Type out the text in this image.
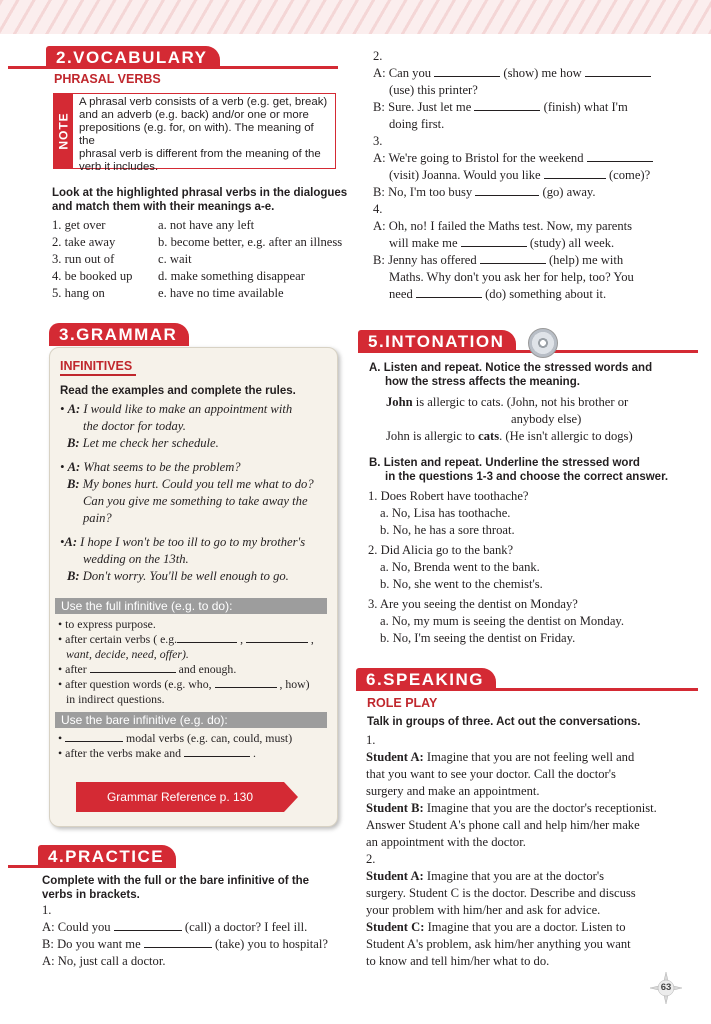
2.VOCABULARY
PHRASAL VERBS
NOTE
A phrasal verb consists of a verb (e.g. get, break)
and an adverb (e.g. back) and/or one or more
prepositions (e.g. for, on with). The meaning of the
phrasal verb is different from the meaning of the
verb it includes.
Look at the highlighted phrasal verbs in the dialogues
and match them with their meanings a-e.
1. get over
2. take away
3. run out of
4. be booked up
5. hang on
a. not have any left
b. become better, e.g. after an illness
c. wait
d. make something disappear
e. have no time available
3.GRAMMAR
INFINITIVES
Read the examples and complete the rules.
• A: I would like to make an appointment with
the doctor for today.
B: Let me check her schedule.
• A: What seems to be the problem?
B: My bones hurt. Could you tell me what to do?
Can you give me something to take away the
pain?
•A: I hope I won't be too ill to go to my brother's
wedding on the 13th.
B: Don't worry. You'll be well enough to go.
Use the full infinitive (e.g. to do):
• to express purpose.
• after certain verbs ( e.g.	,	,
want, decide, need, offer).
• after	and enough.
• after question words (e.g. who,	, how)
in indirect questions.
Use the bare infinitive (e.g. do):
•	modal verbs (e.g. can, could, must)
• after the verbs make and	.
Grammar Reference p. 130
4.PRACTICE
Complete with the full or the bare infinitive of the
verbs in brackets.
1.
A: Could you	(call) a doctor? I feel ill.
B: Do you want me	(take) you to hospital?
A: No, just call a doctor.
2.
A: Can you	(show) me how
(use) this printer?
B: Sure. Just let me	(finish) what I'm
doing first.
3.
A: We're going to Bristol for the weekend
(visit) Joanna. Would you like	(come)?
B: No, I'm too busy	(go) away.
4.
A: Oh, no! I failed the Maths test. Now, my parents
will make me	(study) all week.
B: Jenny has offered	(help) me with
Maths. Why don't you ask her for help, too? You
need	(do) something about it.
5.INTONATION
A. Listen and repeat. Notice the stressed words and
how the stress affects the meaning.
John is allergic to cats. (John, not his brother or
anybody else)
John is allergic to cats. (He isn't allergic to dogs)
B. Listen and repeat. Underline the stressed word
in the questions 1-3 and choose the correct answer.
1. Does Robert have toothache?
a. No, Lisa has toothache.
b. No, he has a sore throat.
2. Did Alicia go to the bank?
a. No, Brenda went to the bank.
b. No, she went to the chemist's.
3. Are you seeing the dentist on Monday?
a. No, my mum is seeing the dentist on Monday.
b. No, I'm seeing the dentist on Friday.
6.SPEAKING
ROLE PLAY
Talk in groups of three. Act out the conversations.
1.
Student A: Imagine that you are not feeling well and
that you want to see your doctor. Call the doctor's
surgery and make an appointment.
Student B: Imagine that you are the doctor's receptionist.
Answer Student A's phone call and help him/her make
an appointment with the doctor.
2.
Student A: Imagine that you are at the doctor's
surgery. Student C is the doctor. Describe and discuss
your problem with him/her and ask for advice.
Student C: Imagine that you are a doctor. Listen to
Student A's problem, ask him/her anything you want
to know and tell him/her what to do.
63
